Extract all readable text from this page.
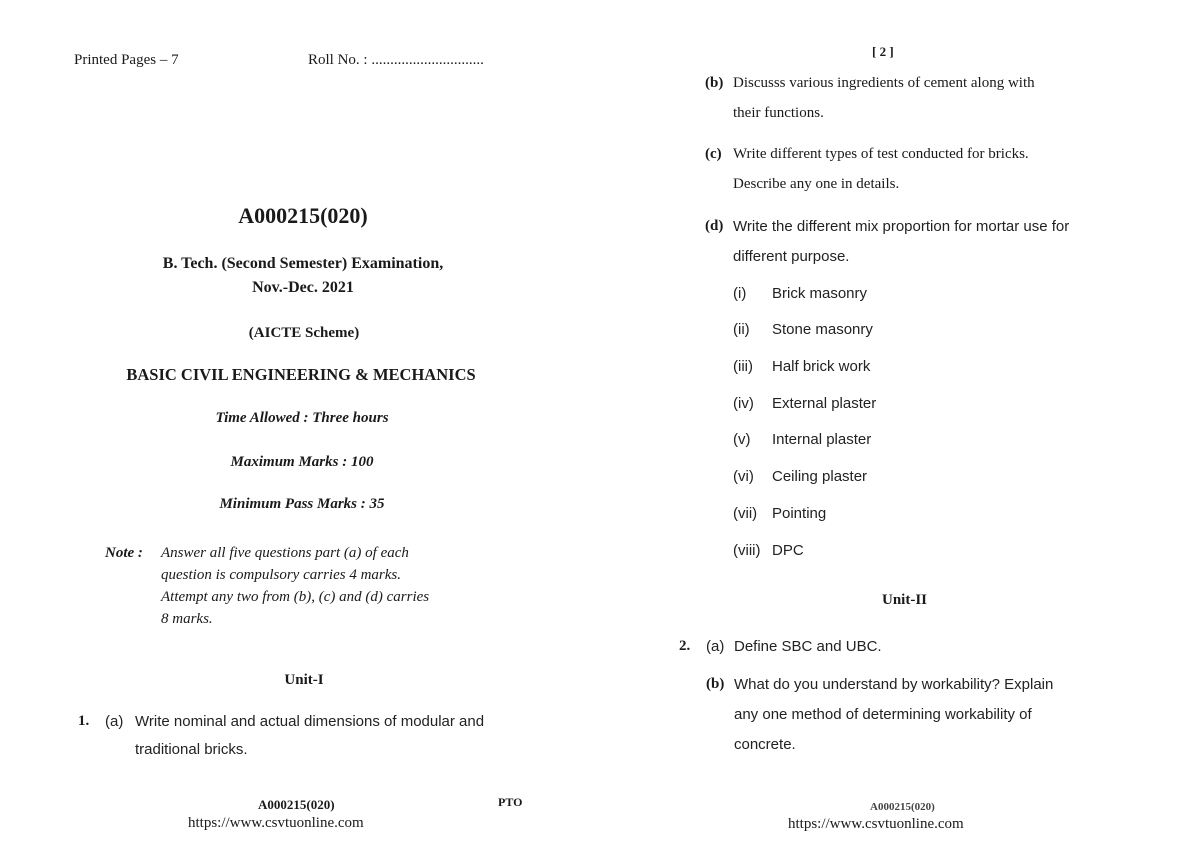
Printed Pages – 7	Roll No. : ..............................
A000215(020)
B. Tech. (Second Semester) Examination,
Nov.-Dec. 2021
(AICTE Scheme)
BASIC CIVIL ENGINEERING & MECHANICS
Time Allowed : Three hours
Maximum Marks : 100
Minimum Pass Marks : 35
Note : Answer all five questions part (a) of each
question is compulsory carries 4 marks.
Attempt any two from (b), (c) and (d) carries
8 marks.
Unit-I
1. (a) Write nominal and actual dimensions of modular and
traditional bricks.
A000215(020)	PTO
https://www.csvtuonline.com
[ 2 ]
(b) Discusss various ingredients of cement along with
their functions.
(c) Write different types of test conducted for bricks.
Describe any one in details.
(d) Write the different mix proportion for mortar use for
different purpose.
(i) Brick masonry
(ii) Stone masonry
(iii) Half brick work
(iv) External plaster
(v) Internal plaster
(vi) Ceiling plaster
(vii) Pointing
(viii) DPC
Unit-II
2. (a) Define SBC and UBC.
(b) What do you understand by workability? Explain
any one method of determining workability of
concrete.
A000215(020)
https://www.csvtuonline.com
